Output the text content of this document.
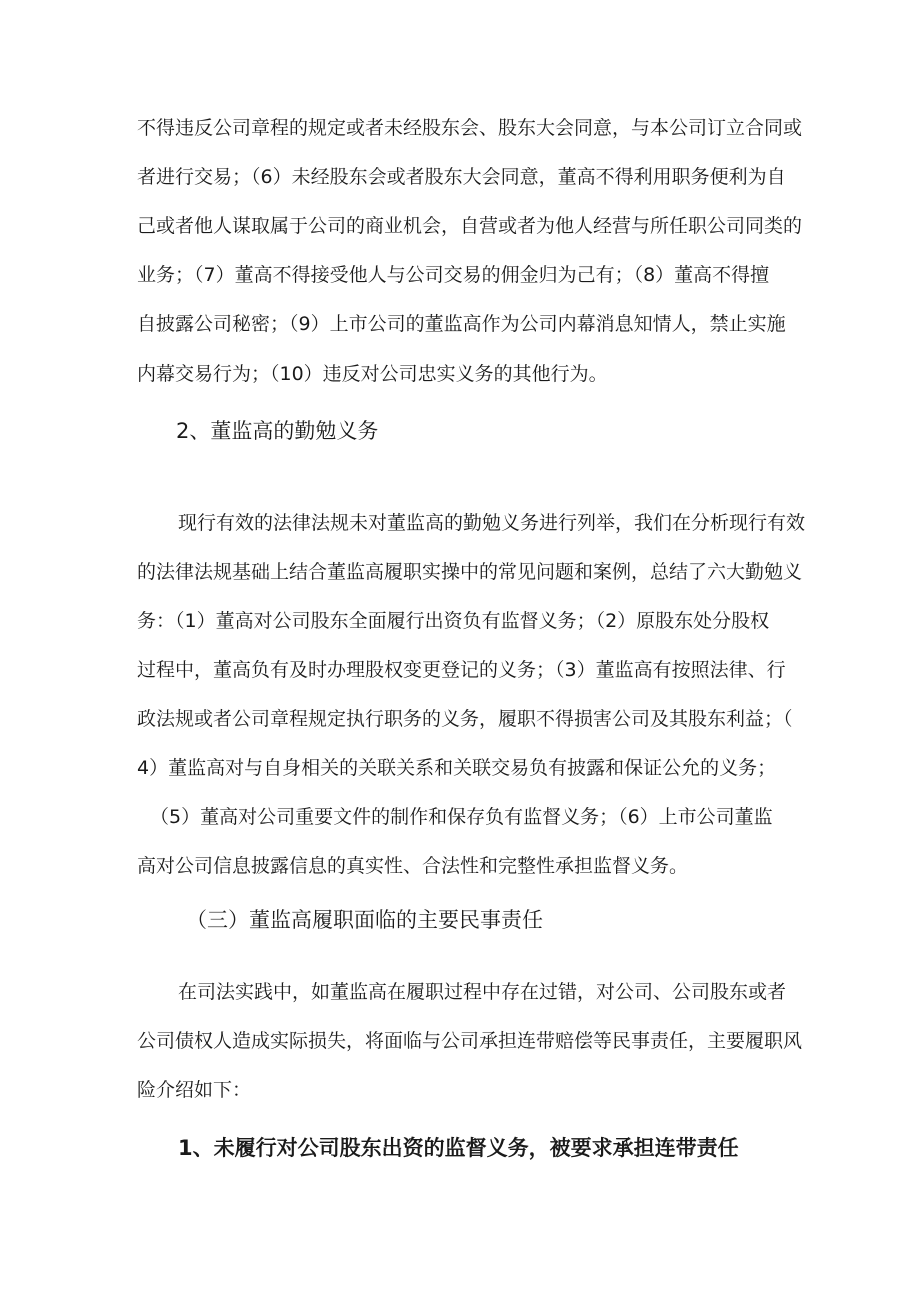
不得违反公司章程的规定或者未经股东会、股东大会同意，与本公司订立合同或
者进行交易；（6）未经股东会或者股东大会同意，董高不得利用职务便利为自
己或者他人谋取属于公司的商业机会，自营或者为他人经营与所任职公司同类的
业务；（7）董高不得接受他人与公司交易的佣金归为己有；（8）董高不得擅
自披露公司秘密；（9）上市公司的董监高作为公司内幕消息知情人，禁止实施
内幕交易行为；（10）违反对公司忠实义务的其他行为。
2、董监高的勤勉义务
现行有效的法律法规未对董监高的勤勉义务进行列举，我们在分析现行有效
的法律法规基础上结合董监高履职实操中的常见问题和案例，总结了六大勤勉义
务：（1）董高对公司股东全面履行出资负有监督义务；（2）原股东处分股权
过程中，董高负有及时办理股权变更登记的义务；（3）董监高有按照法律、行
政法规或者公司章程规定执行职务的义务，履职不得损害公司及其股东利益；（
4）董监高对与自身相关的关联关系和关联交易负有披露和保证公允的义务；
（5）董高对公司重要文件的制作和保存负有监督义务；（6）上市公司董监
高对公司信息披露信息的真实性、合法性和完整性承担监督义务。
（三）董监高履职面临的主要民事责任
在司法实践中，如董监高在履职过程中存在过错，对公司、公司股东或者
公司债权人造成实际损失，将面临与公司承担连带赔偿等民事责任，主要履职风
险介绍如下：
1、未履行对公司股东出资的监督义务，被要求承担连带责任
